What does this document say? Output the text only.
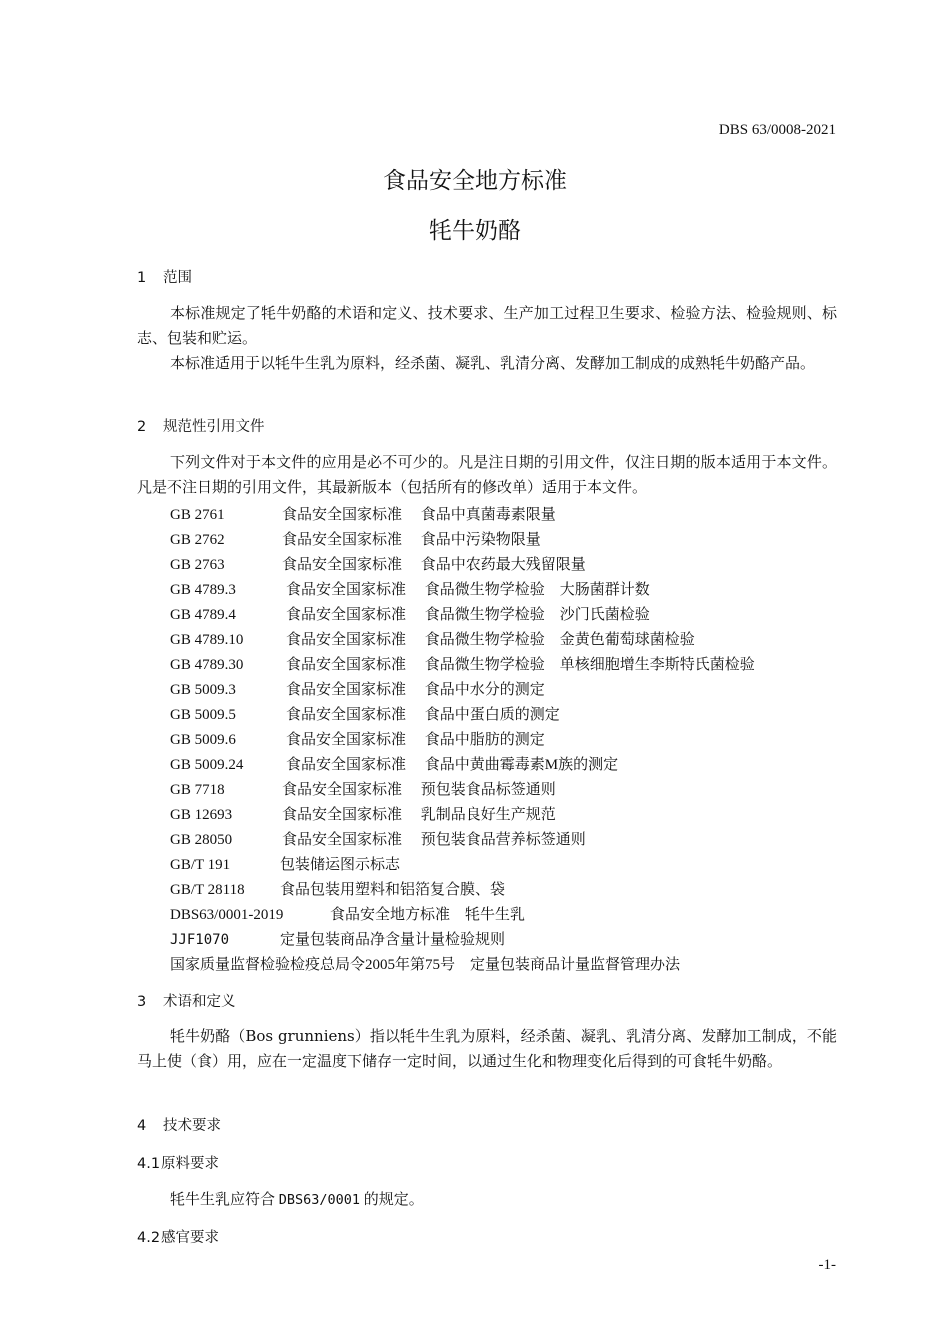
DBS 63/0008-2021
食品安全地方标准
牦牛奶酪
1 范围

本标准规定了牦牛奶酪的术语和定义、技术要求、生产加工过程卫生要求、检验方法、检验规则、标志、包装和贮运。

本标准适用于以牦牛生乳为原料，经杀菌、凝乳、乳清分离、发酵加工制成的成熟牦牛奶酪产品。

2 规范性引用文件

下列文件对于本文件的应用是必不可少的。凡是注日期的引用文件，仅注日期的版本适用于本文件。凡是不注日期的引用文件，其最新版本（包括所有的修改单）适用于本文件。

GB 2761	食品安全国家标准　 食品中真菌毒素限量
GB 2762	食品安全国家标准　 食品中污染物限量
GB 2763	食品安全国家标准　 食品中农药最大残留限量
GB 4789.3	食品安全国家标准　 食品微生物学检验　大肠菌群计数
GB 4789.4	食品安全国家标准　 食品微生物学检验　沙门氏菌检验
GB 4789.10	食品安全国家标准　 食品微生物学检验　金黄色葡萄球菌检验
GB 4789.30	食品安全国家标准　 食品微生物学检验　单核细胞增生李斯特氏菌检验
GB 5009.3	食品安全国家标准　 食品中水分的测定
GB 5009.5	食品安全国家标准　 食品中蛋白质的测定
GB 5009.6	食品安全国家标准　 食品中脂肪的测定
GB 5009.24	食品安全国家标准　 食品中黄曲霉毒素M族的测定
GB 7718	食品安全国家标准　 预包装食品标签通则
GB 12693	食品安全国家标准　 乳制品良好生产规范
GB 28050	食品安全国家标准　 预包装食品营养标签通则
GB/T 191	包装储运图示标志
GB/T 28118 食品包装用塑料和铝箔复合膜、袋
DBS63/0001-2019	食品安全地方标准　牦牛生乳
JJF1070	定量包装商品净含量计量检验规则
国家质量监督检验检疫总局令2005年第75号　定量包装商品计量监督管理办法
3 术语和定义

牦牛奶酪（Bos grunniens）指以牦牛生乳为原料，经杀菌、凝乳、乳清分离、发酵加工制成，不能马上使（食）用，应在一定温度下储存一定时间，以通过生化和物理变化后得到的可食牦牛奶酪。

4 技术要求
4.1原料要求
牦牛生乳应符合 DBS63/0001 的规定。
4.2感官要求
-1-
